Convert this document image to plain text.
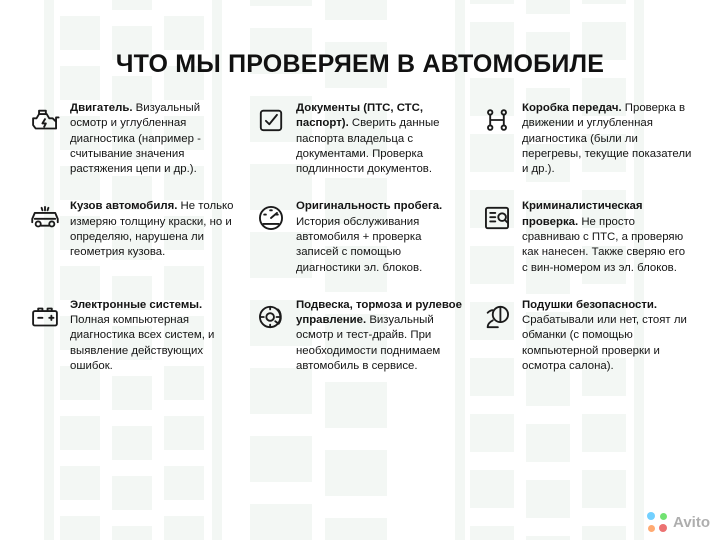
ЧТО МЫ ПРОВЕРЯЕМ В АВТОМОБИЛЕ
Двигатель. Визуальный осмотр и углубленная диагностика (например - считывание значения растяжения цепи и др.).
Документы (ПТС, СТС, паспорт). Сверить данные паспорта владельца с документами. Проверка подлинности документов.
Коробка передач. Проверка в движении и углубленная диагностика (были ли перегревы, текущие показатели и др.).
Кузов автомобиля. Не только измеряю толщину краски, но и определяю, нарушена ли геометрия кузова.
Оригинальность пробега. История обслуживания автомобиля + проверка записей с помощью диагностики эл. блоков.
Криминалистическая проверка. Не просто сравниваю с ПТС, а проверяю как нанесен. Также сверяю его с вин-номером из эл. блоков.
Электронные системы. Полная компьютерная диагностика всех систем, и выявление действующих ошибок.
Подвеска, тормоза и рулевое управление. Визуальный осмотр и тест-драйв. При необходимости поднимаем автомобиль в сервисе.
Подушки безопасности. Срабатывали или нет, стоят ли обманки (с помощью компьютерной проверки и осмотра салона).
Avito
